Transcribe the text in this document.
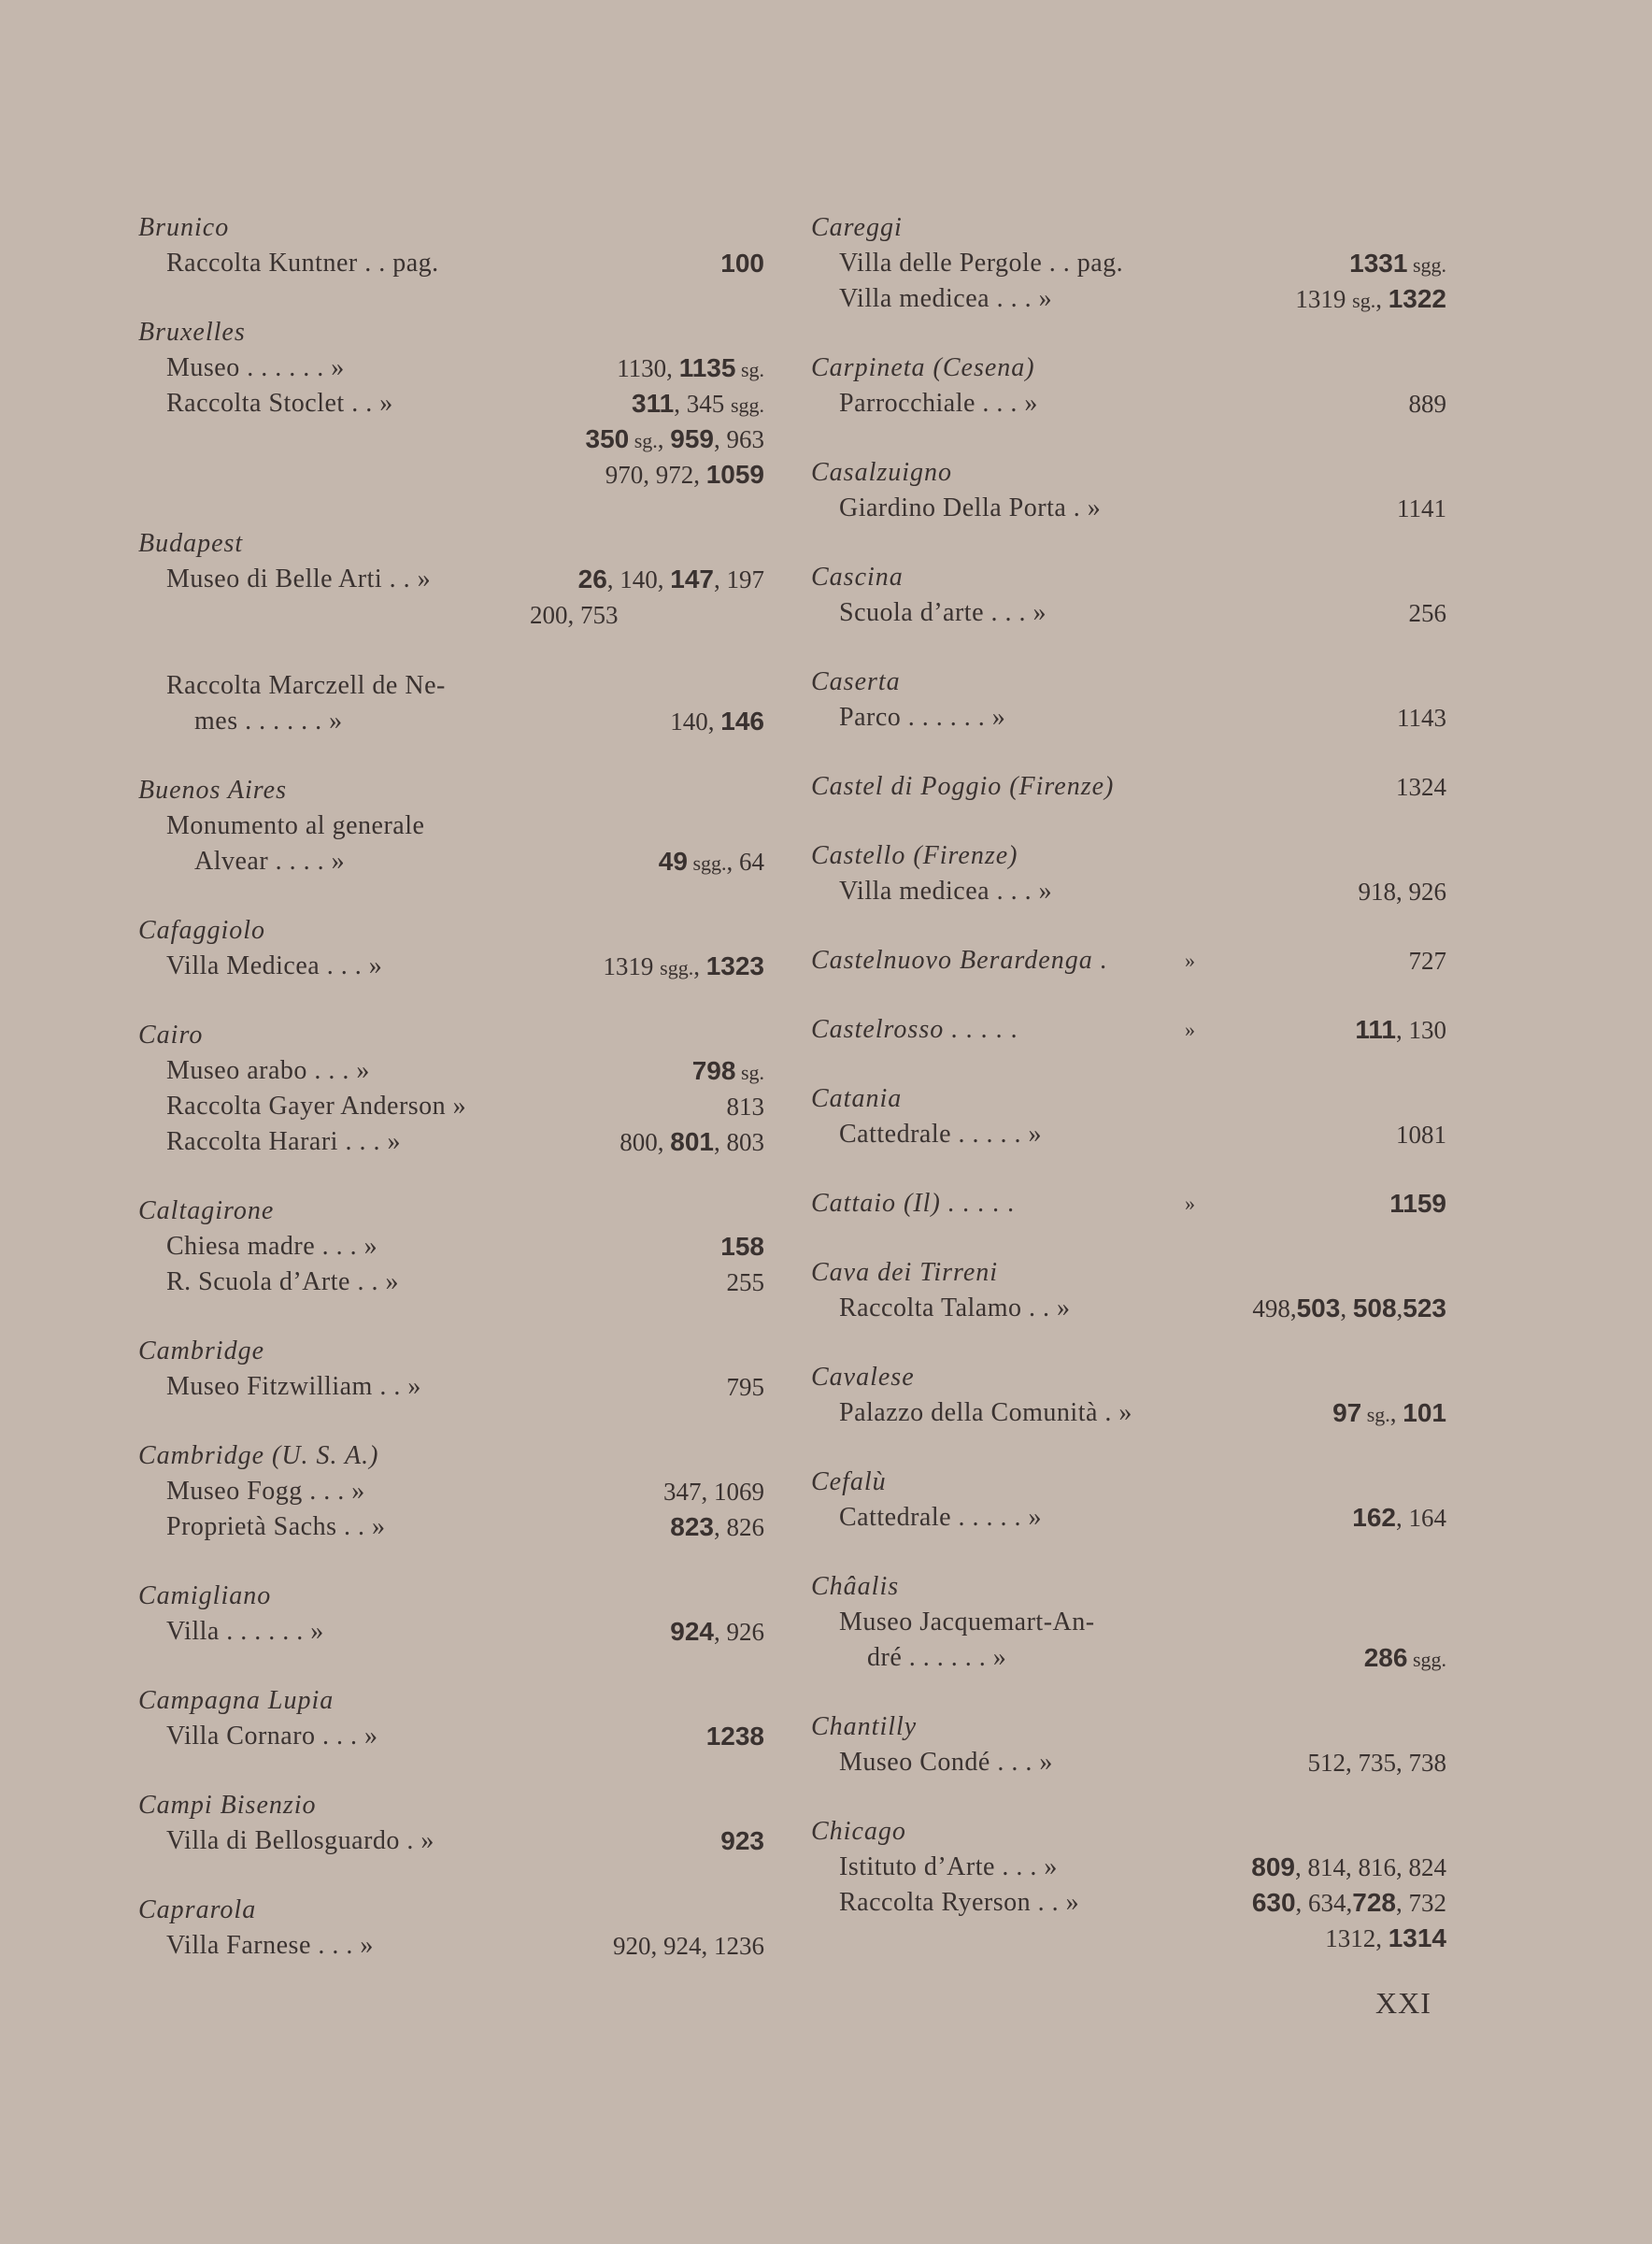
Brunico
Raccolta Kuntner . . pag.	100
Bruxelles
Museo . . . . . . »	1130, 1135 sg.
Raccolta Stoclet . . »	311, 345 sgg.
350 sg., 959, 963
970, 972, 1059
Budapest
Museo di Belle Arti . . »	26, 140, 147, 197
200, 753
Raccolta Marczell de Ne-
mes . . . . . . »	140, 146
Buenos Aires
Monumento al generale
Alvear . . . . »	49 sgg., 64
Cafaggiolo
Villa Medicea . . . »	1319 sgg., 1323
Cairo
Museo arabo . . . »	798 sg.
Raccolta Gayer Anderson »	813
Raccolta Harari . . . »	800, 801, 803
Caltagirone
Chiesa madre . . . »	158
R. Scuola d’Arte . . »	255
Cambridge
Museo Fitzwilliam . . »	795
Cambridge (U. S. A.)
Museo Fogg . . . »	347, 1069
Proprietà Sachs . . »	823, 826
Camigliano
Villa . . . . . . »	924, 926
Campagna Lupia
Villa Cornaro . . . »	1238
Campi Bisenzio
Villa di Bellosguardo . »	923
Caprarola
Villa Farnese . . . »	920, 924, 1236
Careggi
Villa delle Pergole . . pag.	1331 sgg.
Villa medicea . . . »	1319 sg., 1322
Carpineta (Cesena)
Parrocchiale . . . »	889
Casalzuigno
Giardino Della Porta . »	1141
Cascina
Scuola d’arte . . . »	256
Caserta
Parco . . . . . . »	1143
Castel di Poggio (Firenze)	1324
Castello (Firenze)
Villa medicea . . . »	918, 926
Castelnuovo Berardenga .	»	727
Castelrosso . . . . .	»	111, 130
Catania
Cattedrale . . . . . »	1081
Cattaio (Il) . . . . .	»	1159
Cava dei Tirreni
Raccolta Talamo . . »	498,503, 508,523
Cavalese
Palazzo della Comunità . »	97 sg., 101
Cefalù
Cattedrale . . . . . »	162, 164
Châalis
Museo Jacquemart-An-
dré . . . . . . »	286 sgg.
Chantilly
Museo Condé . . . »	512, 735, 738
Chicago
Istituto d’Arte . . . »	809, 814, 816, 824
Raccolta Ryerson . . »	630, 634,728, 732
1312, 1314
XXI
